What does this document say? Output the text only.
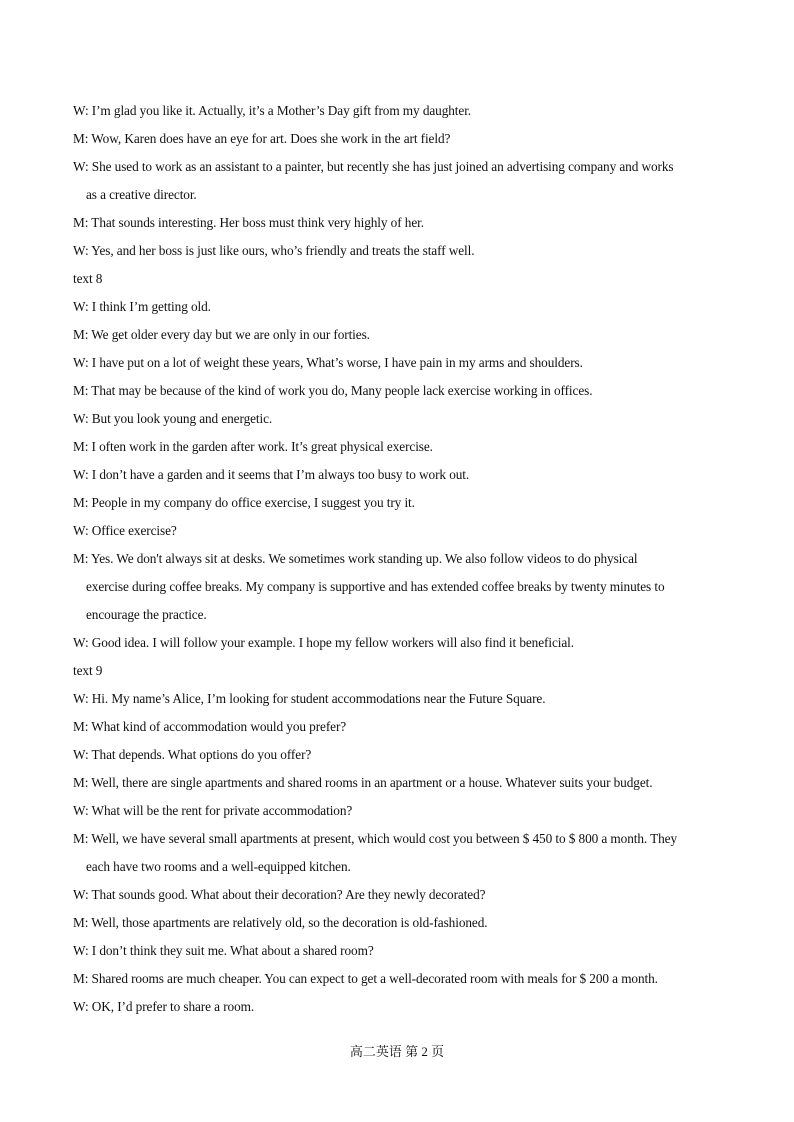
W: I’m glad you like it. Actually, it’s a Mother’s Day gift from my daughter.
M: Wow, Karen does have an eye for art. Does she work in the art field?
W: She used to work as an assistant to a painter, but recently she has just joined an advertising company and works
as a creative director.
M: That sounds interesting. Her boss must think very highly of her.
W: Yes, and her boss is just like ours, who’s friendly and treats the staff well.
text 8
W: I think I’m getting old.
M: We get older every day but we are only in our forties.
W: I have put on a lot of weight these years, What’s worse, I have pain in my arms and shoulders.
M: That may be because of the kind of work you do, Many people lack exercise working in offices.
W: But you look young and energetic.
M: I often work in the garden after work. It’s great physical exercise.
W: I don’t have a garden and it seems that I’m always too busy to work out.
M: People in my company do office exercise, I suggest you try it.
W: Office exercise?
M: Yes. We don't always sit at desks. We sometimes work standing up. We also follow videos to do physical
exercise during coffee breaks. My company is supportive and has extended coffee breaks by twenty minutes to
encourage the practice.
W: Good idea. I will follow your example. I hope my fellow workers will also find it beneficial.
text 9
W: Hi. My name’s Alice, I’m looking for student accommodations near the Future Square.
M: What kind of accommodation would you prefer?
W: That depends. What options do you offer?
M: Well, there are single apartments and shared rooms in an apartment or a house. Whatever suits your budget.
W: What will be the rent for private accommodation?
M: Well, we have several small apartments at present, which would cost you between $ 450 to $ 800 a month. They
each have two rooms and a well-equipped kitchen.
W: That sounds good. What about their decoration? Are they newly decorated?
M: Well, those apartments are relatively old, so the decoration is old-fashioned.
W: I don’t think they suit me. What about a shared room?
M: Shared rooms are much cheaper. You can expect to get a well-decorated room with meals for $ 200 a month.
W: OK, I’d prefer to share a room.
高二英语 第 2 页
